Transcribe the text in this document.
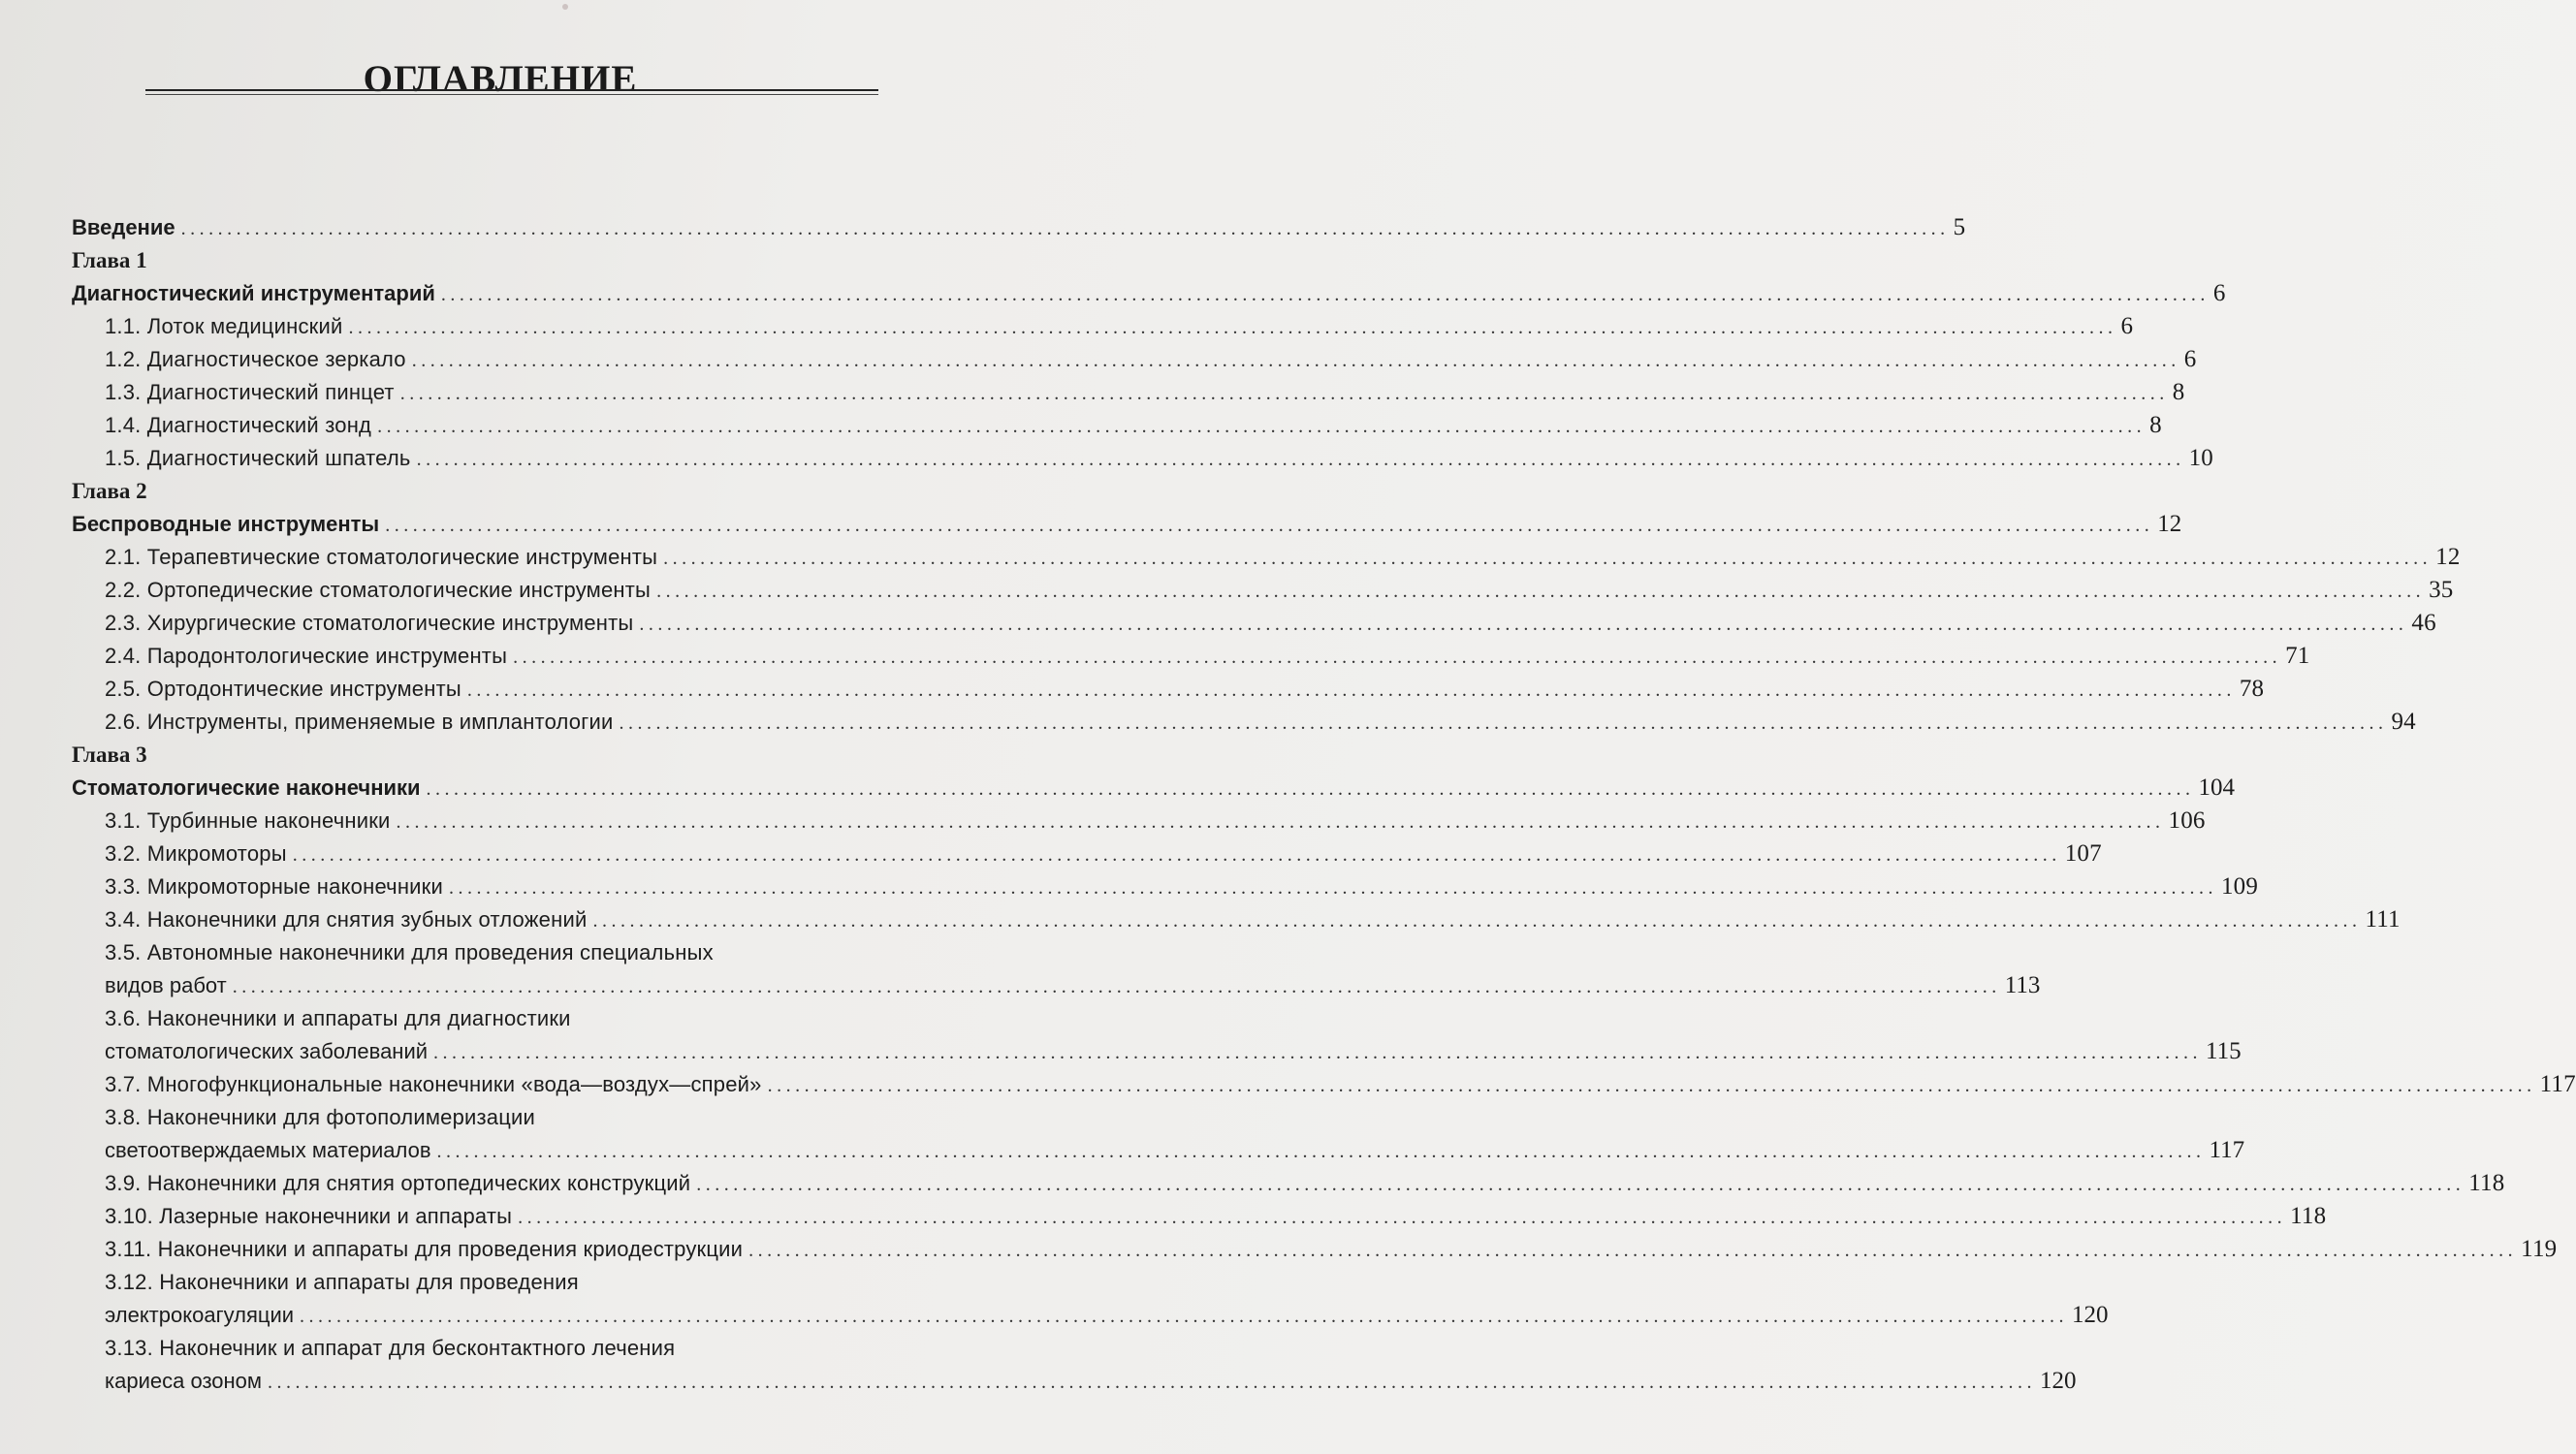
ОГЛАВЛЕНИЕ
Введение ................................................................................................................................................................................................ 5
Глава 1
Диагностический инструментарий ................................................................................................................................................................................................ 6
1.1. Лоток медицинский ................................................................................................................................................................................................ 6
1.2. Диагностическое зеркало ................................................................................................................................................................................................ 6
1.3. Диагностический пинцет ................................................................................................................................................................................................ 8
1.4. Диагностический зонд ................................................................................................................................................................................................ 8
1.5. Диагностический шпатель ................................................................................................................................................................................................ 10
Глава 2
Беспроводные инструменты ................................................................................................................................................................................................ 12
2.1. Терапевтические стоматологические инструменты ................................................................................................................................................................................................ 12
2.2. Ортопедические стоматологические инструменты ................................................................................................................................................................................................ 35
2.3. Хирургические стоматологические инструменты ................................................................................................................................................................................................ 46
2.4. Пародонтологические инструменты ................................................................................................................................................................................................ 71
2.5. Ортодонтические инструменты ................................................................................................................................................................................................ 78
2.6. Инструменты, применяемые в имплантологии ................................................................................................................................................................................................ 94
Глава 3
Стоматологические наконечники ................................................................................................................................................................................................ 104
3.1. Турбинные наконечники ................................................................................................................................................................................................ 106
3.2. Микромоторы ................................................................................................................................................................................................ 107
3.3. Микромоторные наконечники ................................................................................................................................................................................................ 109
3.4. Наконечники для снятия зубных отложений ................................................................................................................................................................................................ 111
3.5. Автономные наконечники для проведения специальных
видов работ ................................................................................................................................................................................................ 113
3.6. Наконечники и аппараты для диагностики
стоматологических заболеваний ................................................................................................................................................................................................ 115
3.7. Многофункциональные наконечники «вода—воздух—спрей» ................................................................................................................................................................................................ 117
3.8. Наконечники для фотополимеризации
светоотверждаемых материалов ................................................................................................................................................................................................ 117
3.9. Наконечники для снятия ортопедических конструкций ................................................................................................................................................................................................ 118
3.10. Лазерные наконечники и аппараты ................................................................................................................................................................................................ 118
3.11. Наконечники и аппараты для проведения криодеструкции ................................................................................................................................................................................................ 119
3.12. Наконечники и аппараты для проведения
электрокоагуляции ................................................................................................................................................................................................ 120
3.13. Наконечник и аппарат для бесконтактного лечения
кариеса озоном ................................................................................................................................................................................................ 120
